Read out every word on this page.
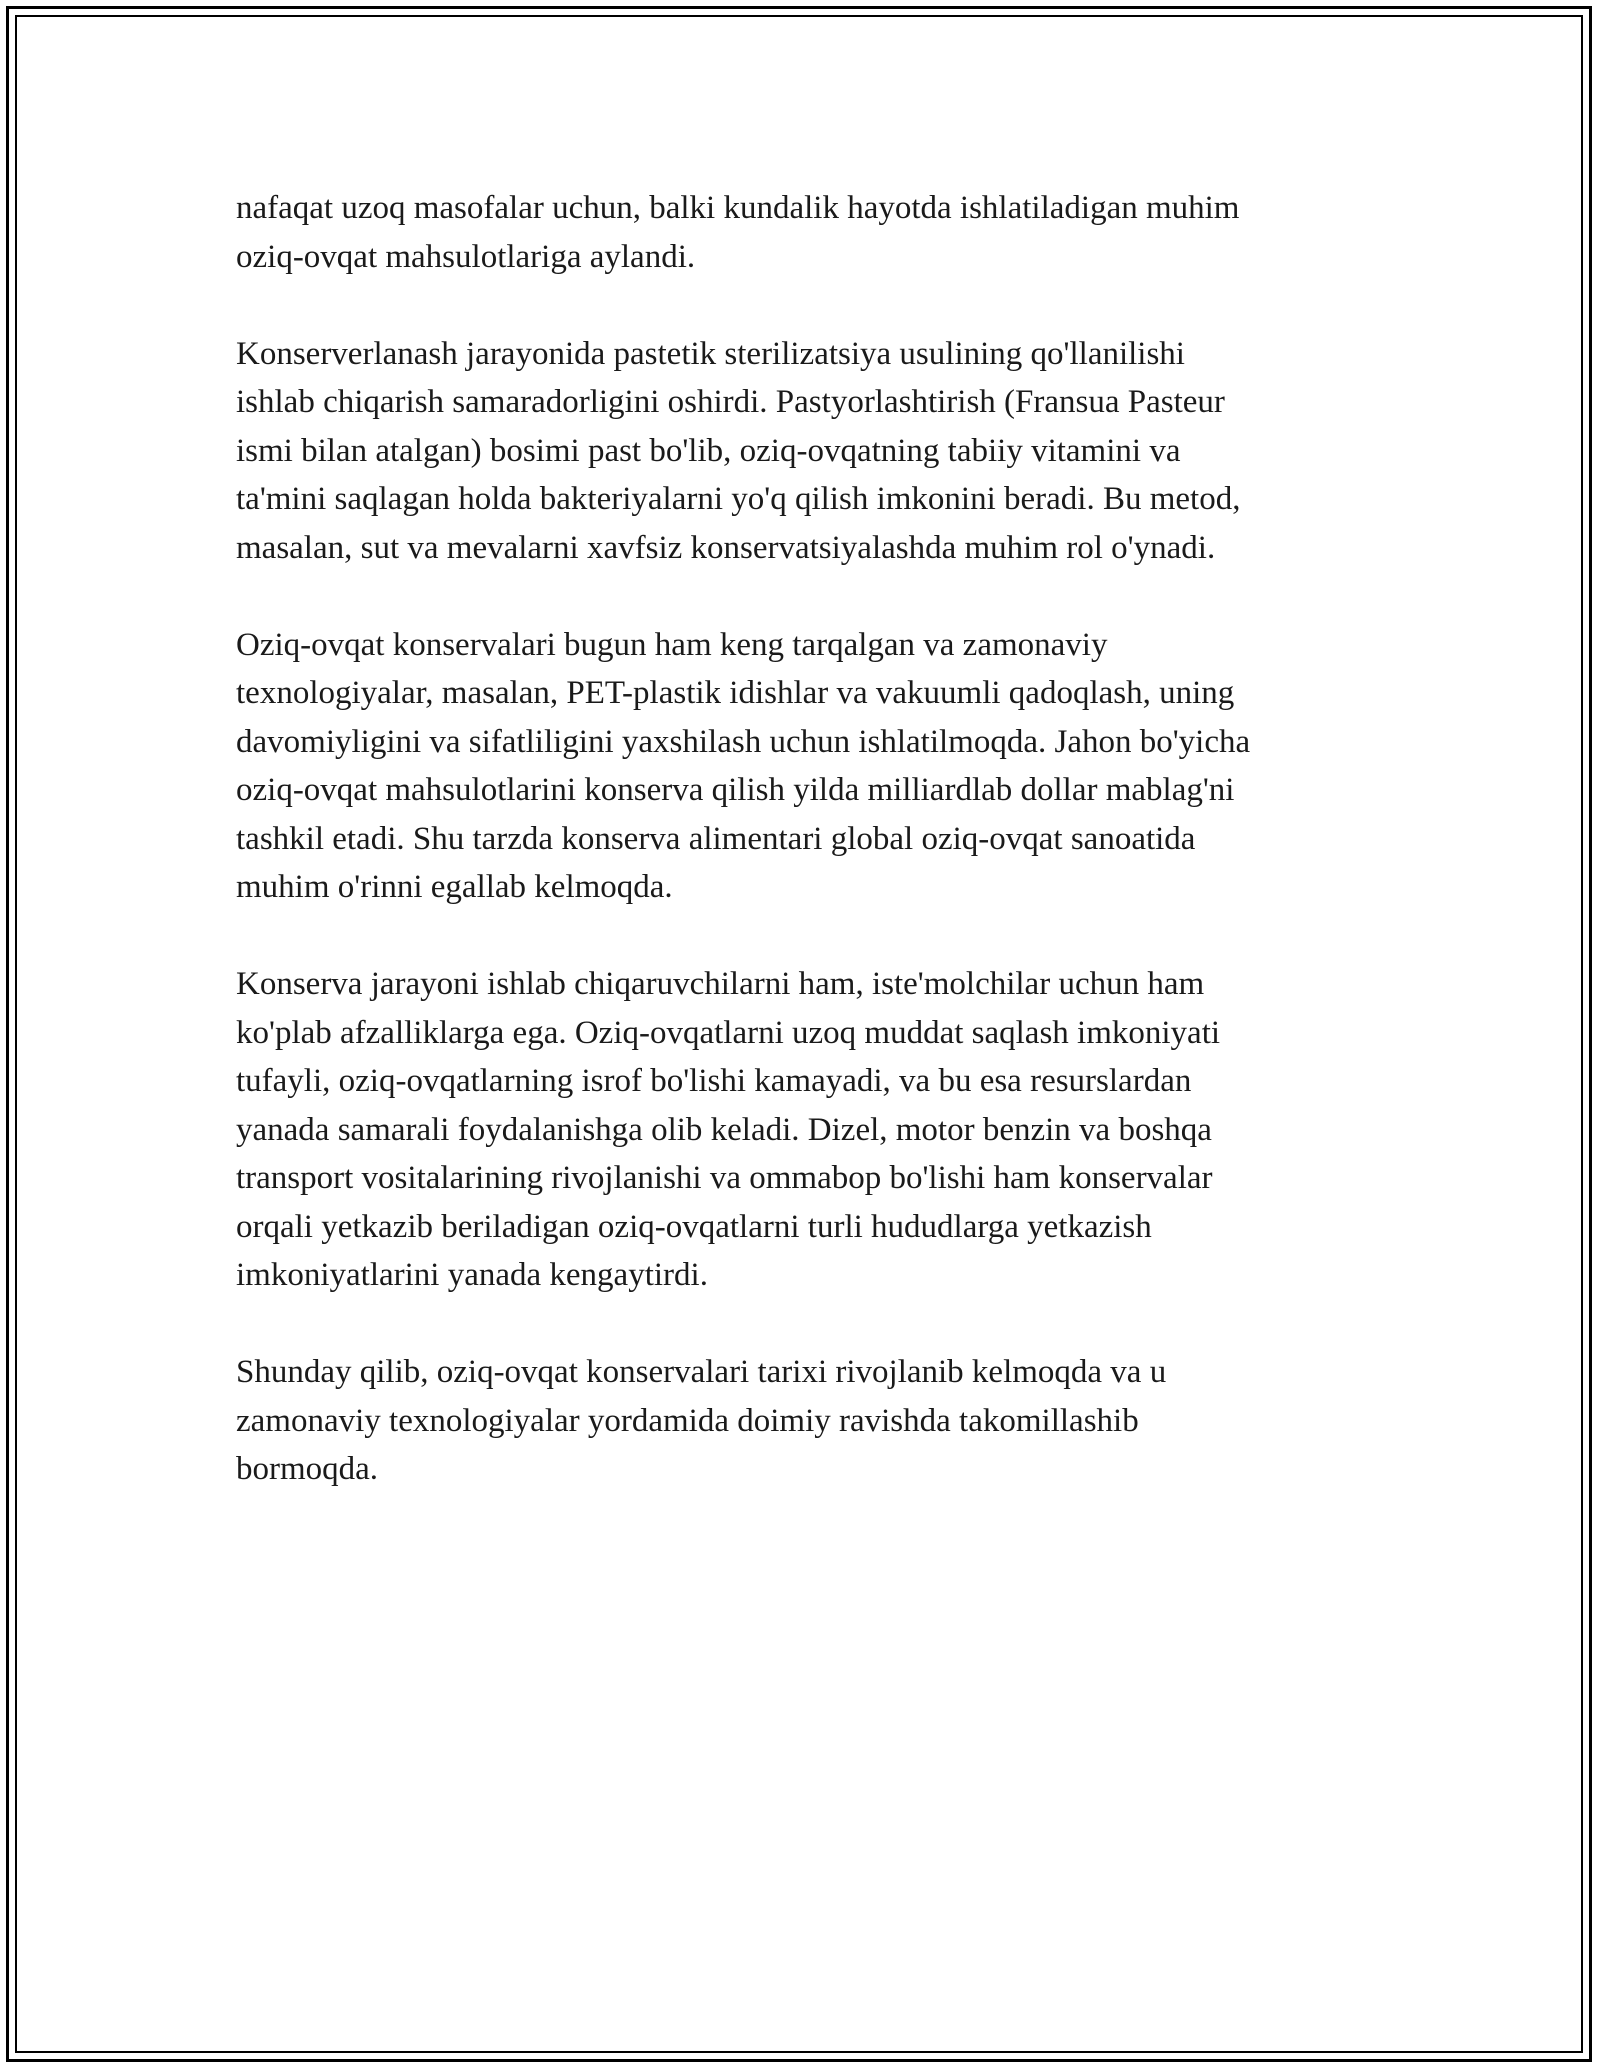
nafaqat uzoq masofalar uchun, balki kundalik hayotda ishlatiladigan muhim
oziq-ovqat mahsulotlariga aylandi.

Konserverlanash jarayonida pastetik sterilizatsiya usulining qo'llanilishi
ishlab chiqarish samaradorligini oshirdi. Pastyorlashtirish (Fransua Pasteur
ismi bilan atalgan) bosimi past bo'lib, oziq-ovqatning tabiiy vitamini va
ta'mini saqlagan holda bakteriyalarni yo'q qilish imkonini beradi. Bu metod,
masalan, sut va mevalarni xavfsiz konservatsiyalashda muhim rol o'ynadi.

Oziq-ovqat konservalari bugun ham keng tarqalgan va zamonaviy
texnologiyalar, masalan, PET-plastik idishlar va vakuumli qadoqlash, uning
davomiyligini va sifatliligini yaxshilash uchun ishlatilmoqda. Jahon bo'yicha
oziq-ovqat mahsulotlarini konserva qilish yilda milliardlab dollar mablag'ni
tashkil etadi. Shu tarzda konserva alimentari global oziq-ovqat sanoatida
muhim o'rinni egallab kelmoqda.

Konserva jarayoni ishlab chiqaruvchilarni ham, iste'molchilar uchun ham
ko'plab afzalliklarga ega. Oziq-ovqatlarni uzoq muddat saqlash imkoniyati
tufayli, oziq-ovqatlarning isrof bo'lishi kamayadi, va bu esa resurslardan
yanada samarali foydalanishga olib keladi. Dizel, motor benzin va boshqa
transport vositalarining rivojlanishi va ommabop bo'lishi ham konservalar
orqali yetkazib beriladigan oziq-ovqatlarni turli hududlarga yetkazish
imkoniyatlarini yanada kengaytirdi.

Shunday qilib, oziq-ovqat konservalari tarixi rivojlanib kelmoqda va u
zamonaviy texnologiyalar yordamida doimiy ravishda takomillashib
bormoqda.
